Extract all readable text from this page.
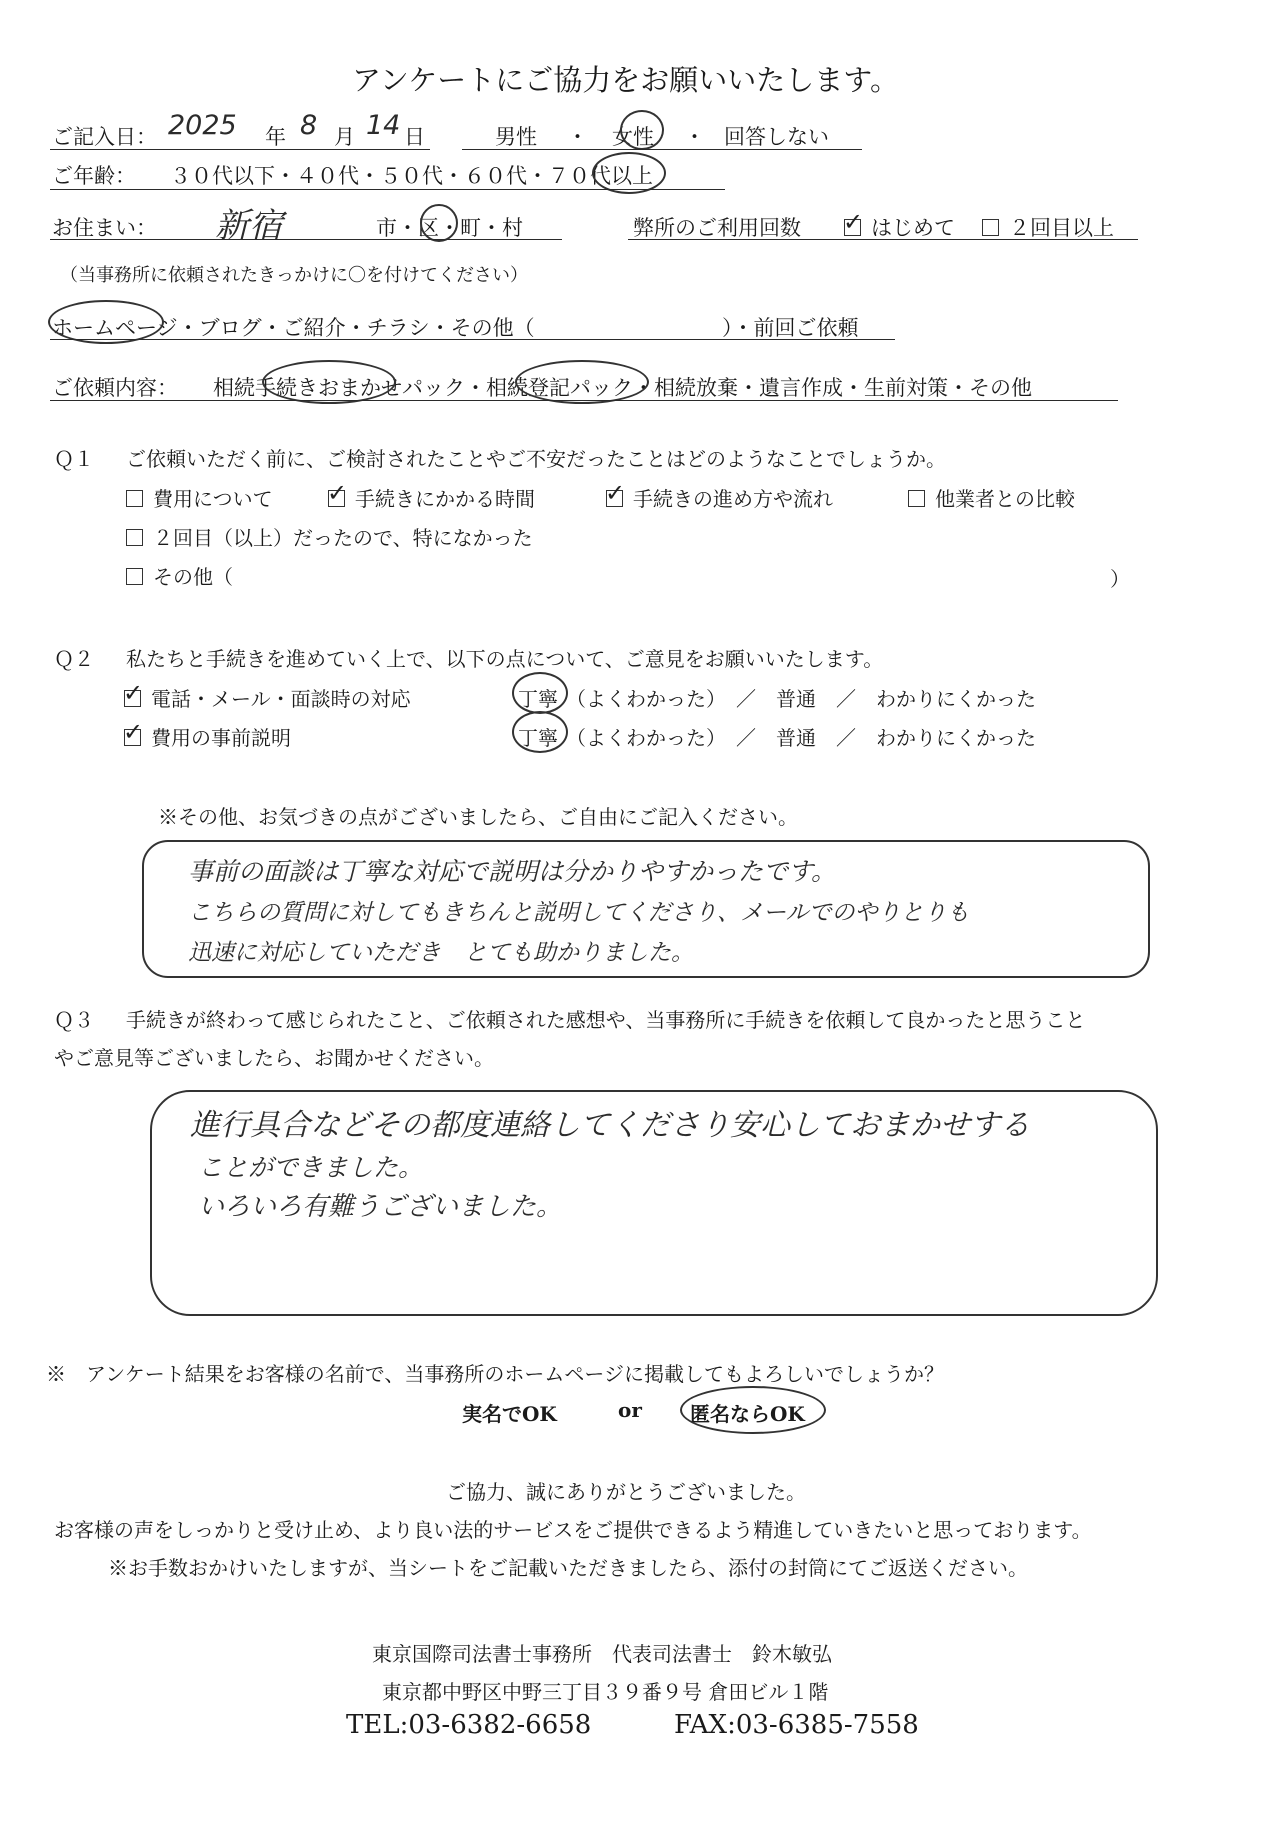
アンケートにご協力をお願いいたします。
ご記入日： 2025 年 8 月 14 日	男性 ・ 女性 ・ 回答しない
ご年齢： ３０代以下・４０代・５０代・６０代・７０代以上
お住まい： 新宿	市・区・町・村	弊所のご利用回数 ✓ はじめて	２回目以上
（当事務所に依頼されたきっかけに〇を付けてください）
ホームページ・ブログ・ご紹介・チラシ・その他（	）・前回ご依頼
ご依頼内容： 相続手続きおまかせパック・相続登記パック・相続放棄・遺言作成・生前対策・その他
Ｑ１ ご依頼いただく前に、ご検討されたことやご不安だったことはどのようなことでしょうか。
費用について ✓ 手続きにかかる時間	✓ 手続きの進め方や流れ	他業者との比較
２回目（以上）だったので、特になかった
その他（	）
Ｑ２ 私たちと手続きを進めていく上で、以下の点について、ご意見をお願いいたします。
✓ 電話・メール・面談時の対応	丁寧 （よくわかった）　／　普通　／　わかりにくかった
✓ 費用の事前説明	丁寧 （よくわかった）　／　普通　／　わかりにくかった
※その他、お気づきの点がございましたら、ご自由にご記入ください。
事前の面談は丁寧な対応で説明は分かりやすかったです。
こちらの質問に対してもきちんと説明してくださり、メールでのやりとりも
迅速に対応していただき　とても助かりました。
Ｑ３ 手続きが終わって感じられたこと、ご依頼された感想や、当事務所に手続きを依頼して良かったと思うこと
やご意見等ございましたら、お聞かせください。
進行具合などその都度連絡してくださり安心しておまかせする
ことができました。
いろいろ有難うございました。
※　アンケート結果をお客様の名前で、当事務所のホームページに掲載してもよろしいでしょうか？
実名でOK	or 匿名ならOK
ご協力、誠にありがとうございました。
お客様の声をしっかりと受け止め、より良い法的サービスをご提供できるよう精進していきたいと思っております。
※お手数おかけいたしますが、当シートをご記載いただきましたら、添付の封筒にてご返送ください。
東京国際司法書士事務所　代表司法書士　鈴木敏弘
東京都中野区中野三丁目３９番９号 倉田ビル１階
TEL:03-6382-6658	FAX:03-6385-7558
